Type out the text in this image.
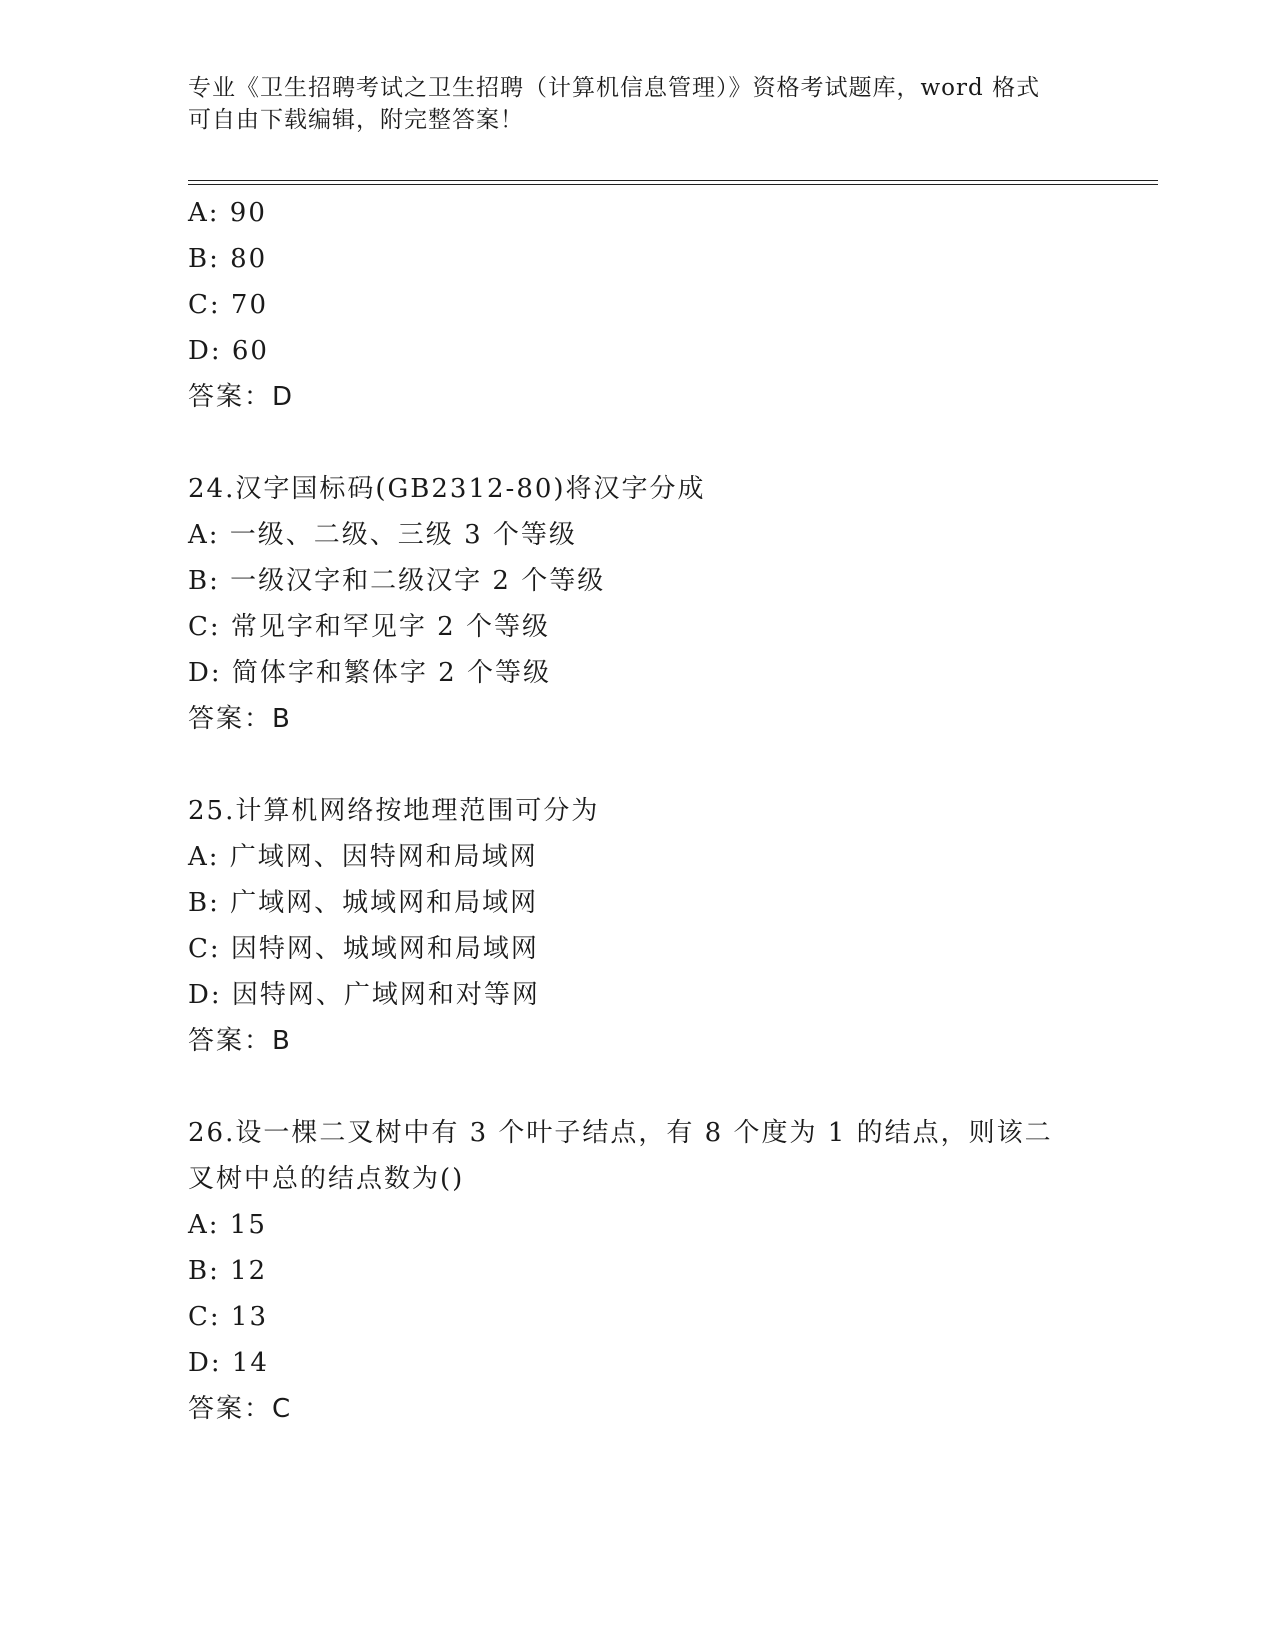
专业《卫生招聘考试之卫生招聘（计算机信息管理）》资格考试题库，word 格式
可自由下载编辑，附完整答案！
A: 90
B: 80
C: 70
D: 60
答案：D
24.汉字国标码(GB2312-80)将汉字分成
A: 一级、二级、三级 3 个等级
B: 一级汉字和二级汉字 2 个等级
C: 常见字和罕见字 2 个等级
D: 简体字和繁体字 2 个等级
答案：B
25.计算机网络按地理范围可分为
A: 广域网、因特网和局域网
B: 广域网、城域网和局域网
C: 因特网、城域网和局域网
D: 因特网、广域网和对等网
答案：B
26.设一棵二叉树中有 3 个叶子结点，有 8 个度为 1 的结点，则该二叉树中总的结点数为()
A: 15
B: 12
C: 13
D: 14
答案：C
